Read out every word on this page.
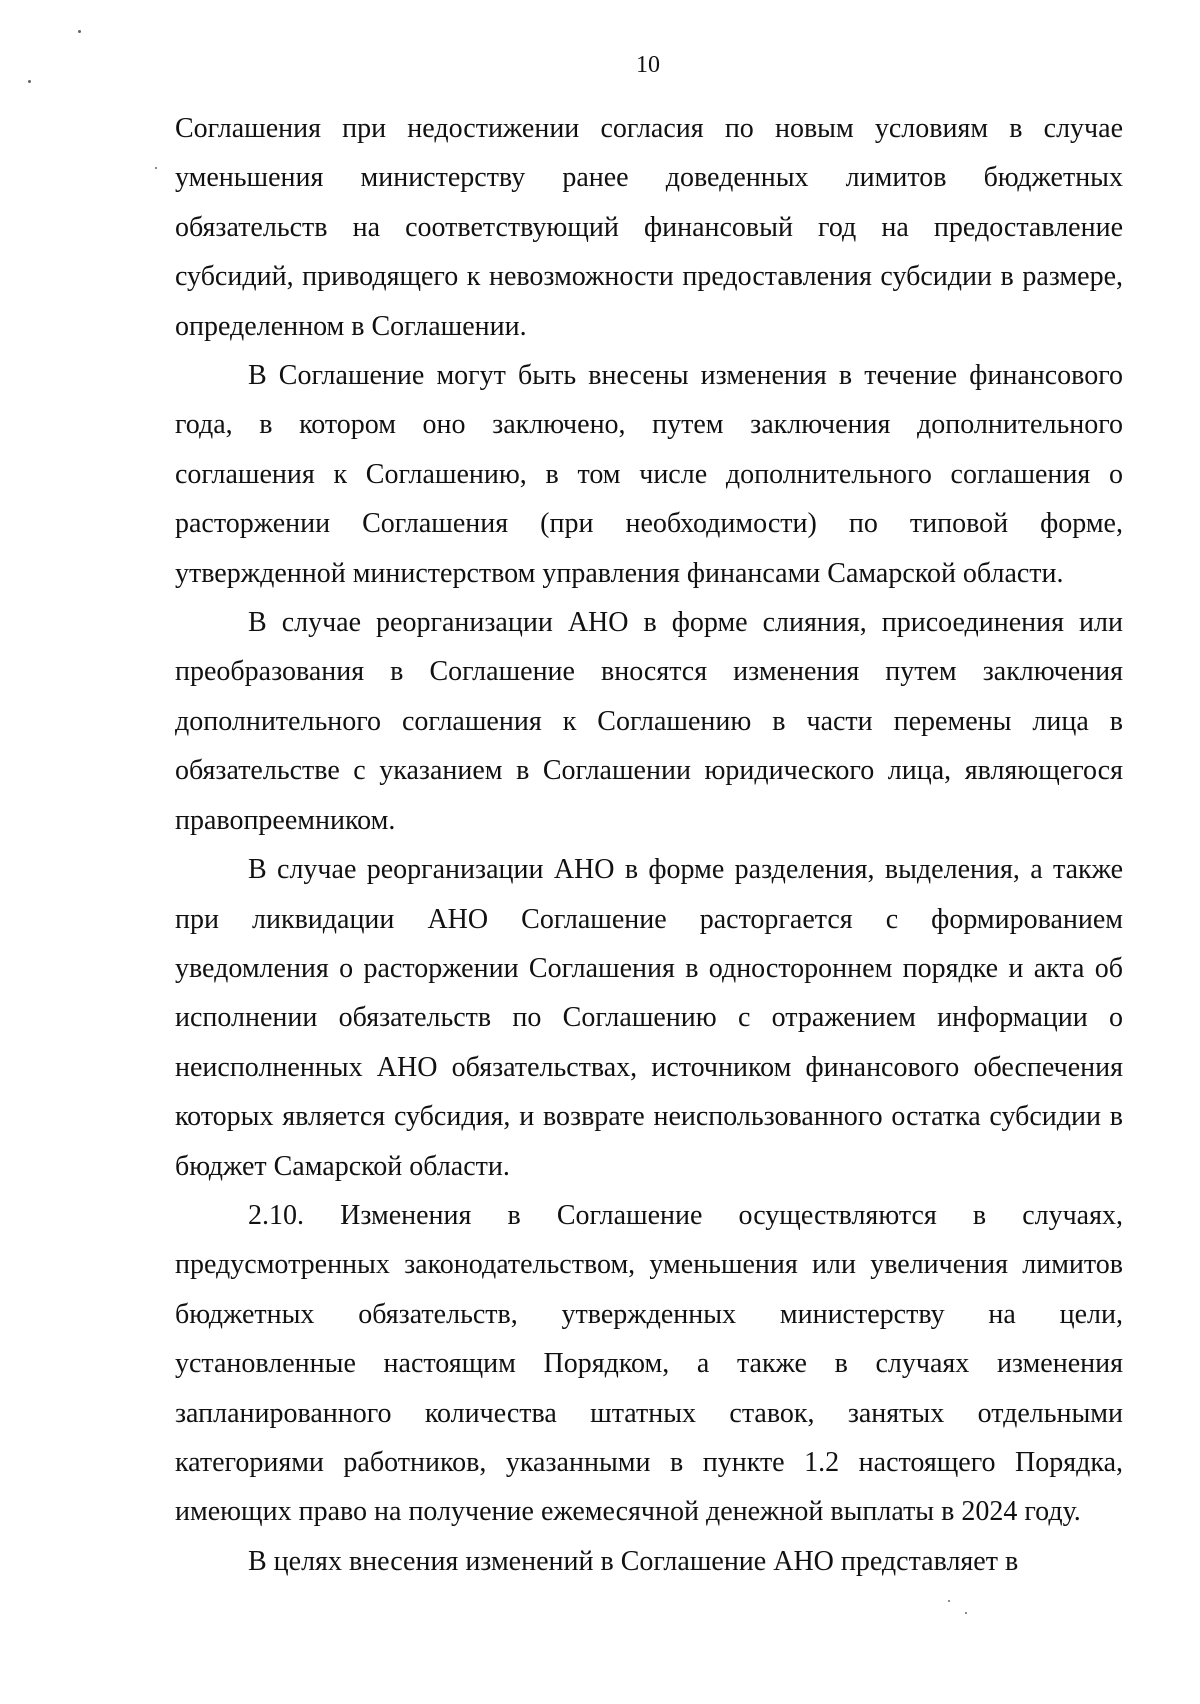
10

Соглашения при недостижении согласия по новым условиям в случае уменьшения министерству ранее доведенных лимитов бюджетных обязательств на соответствующий финансовый год на предоставление субсидий, приводящего к невозможности предоставления субсидии в размере, определенном в Соглашении.

В Соглашение могут быть внесены изменения в течение финансового года, в котором оно заключено, путем заключения дополнительного соглашения к Соглашению, в том числе дополнительного соглашения о расторжении Соглашения (при необходимости) по типовой форме, утвержденной министерством управления финансами Самарской области.

В случае реорганизации АНО в форме слияния, присоединения или преобразования в Соглашение вносятся изменения путем заключения дополнительного соглашения к Соглашению в части перемены лица в обязательстве с указанием в Соглашении юридического лица, являющегося правопреемником.

В случае реорганизации АНО в форме разделения, выделения, а также при ликвидации АНО Соглашение расторгается с формированием уведомления о расторжении Соглашения в одностороннем порядке и акта об исполнении обязательств по Соглашению с отражением информации о неисполненных АНО обязательствах, источником финансового обеспечения которых является субсидия, и возврате неиспользованного остатка субсидии в бюджет Самарской области.

2.10. Изменения в Соглашение осуществляются в случаях, предусмотренных законодательством, уменьшения или увеличения лимитов бюджетных обязательств, утвержденных министерству на цели, установленные настоящим Порядком, а также в случаях изменения запланированного количества штатных ставок, занятых отдельными категориями работников, указанными в пункте 1.2 настоящего Порядка, имеющих право на получение ежемесячной денежной выплаты в 2024 году.

В целях внесения изменений в Соглашение АНО представляет в
